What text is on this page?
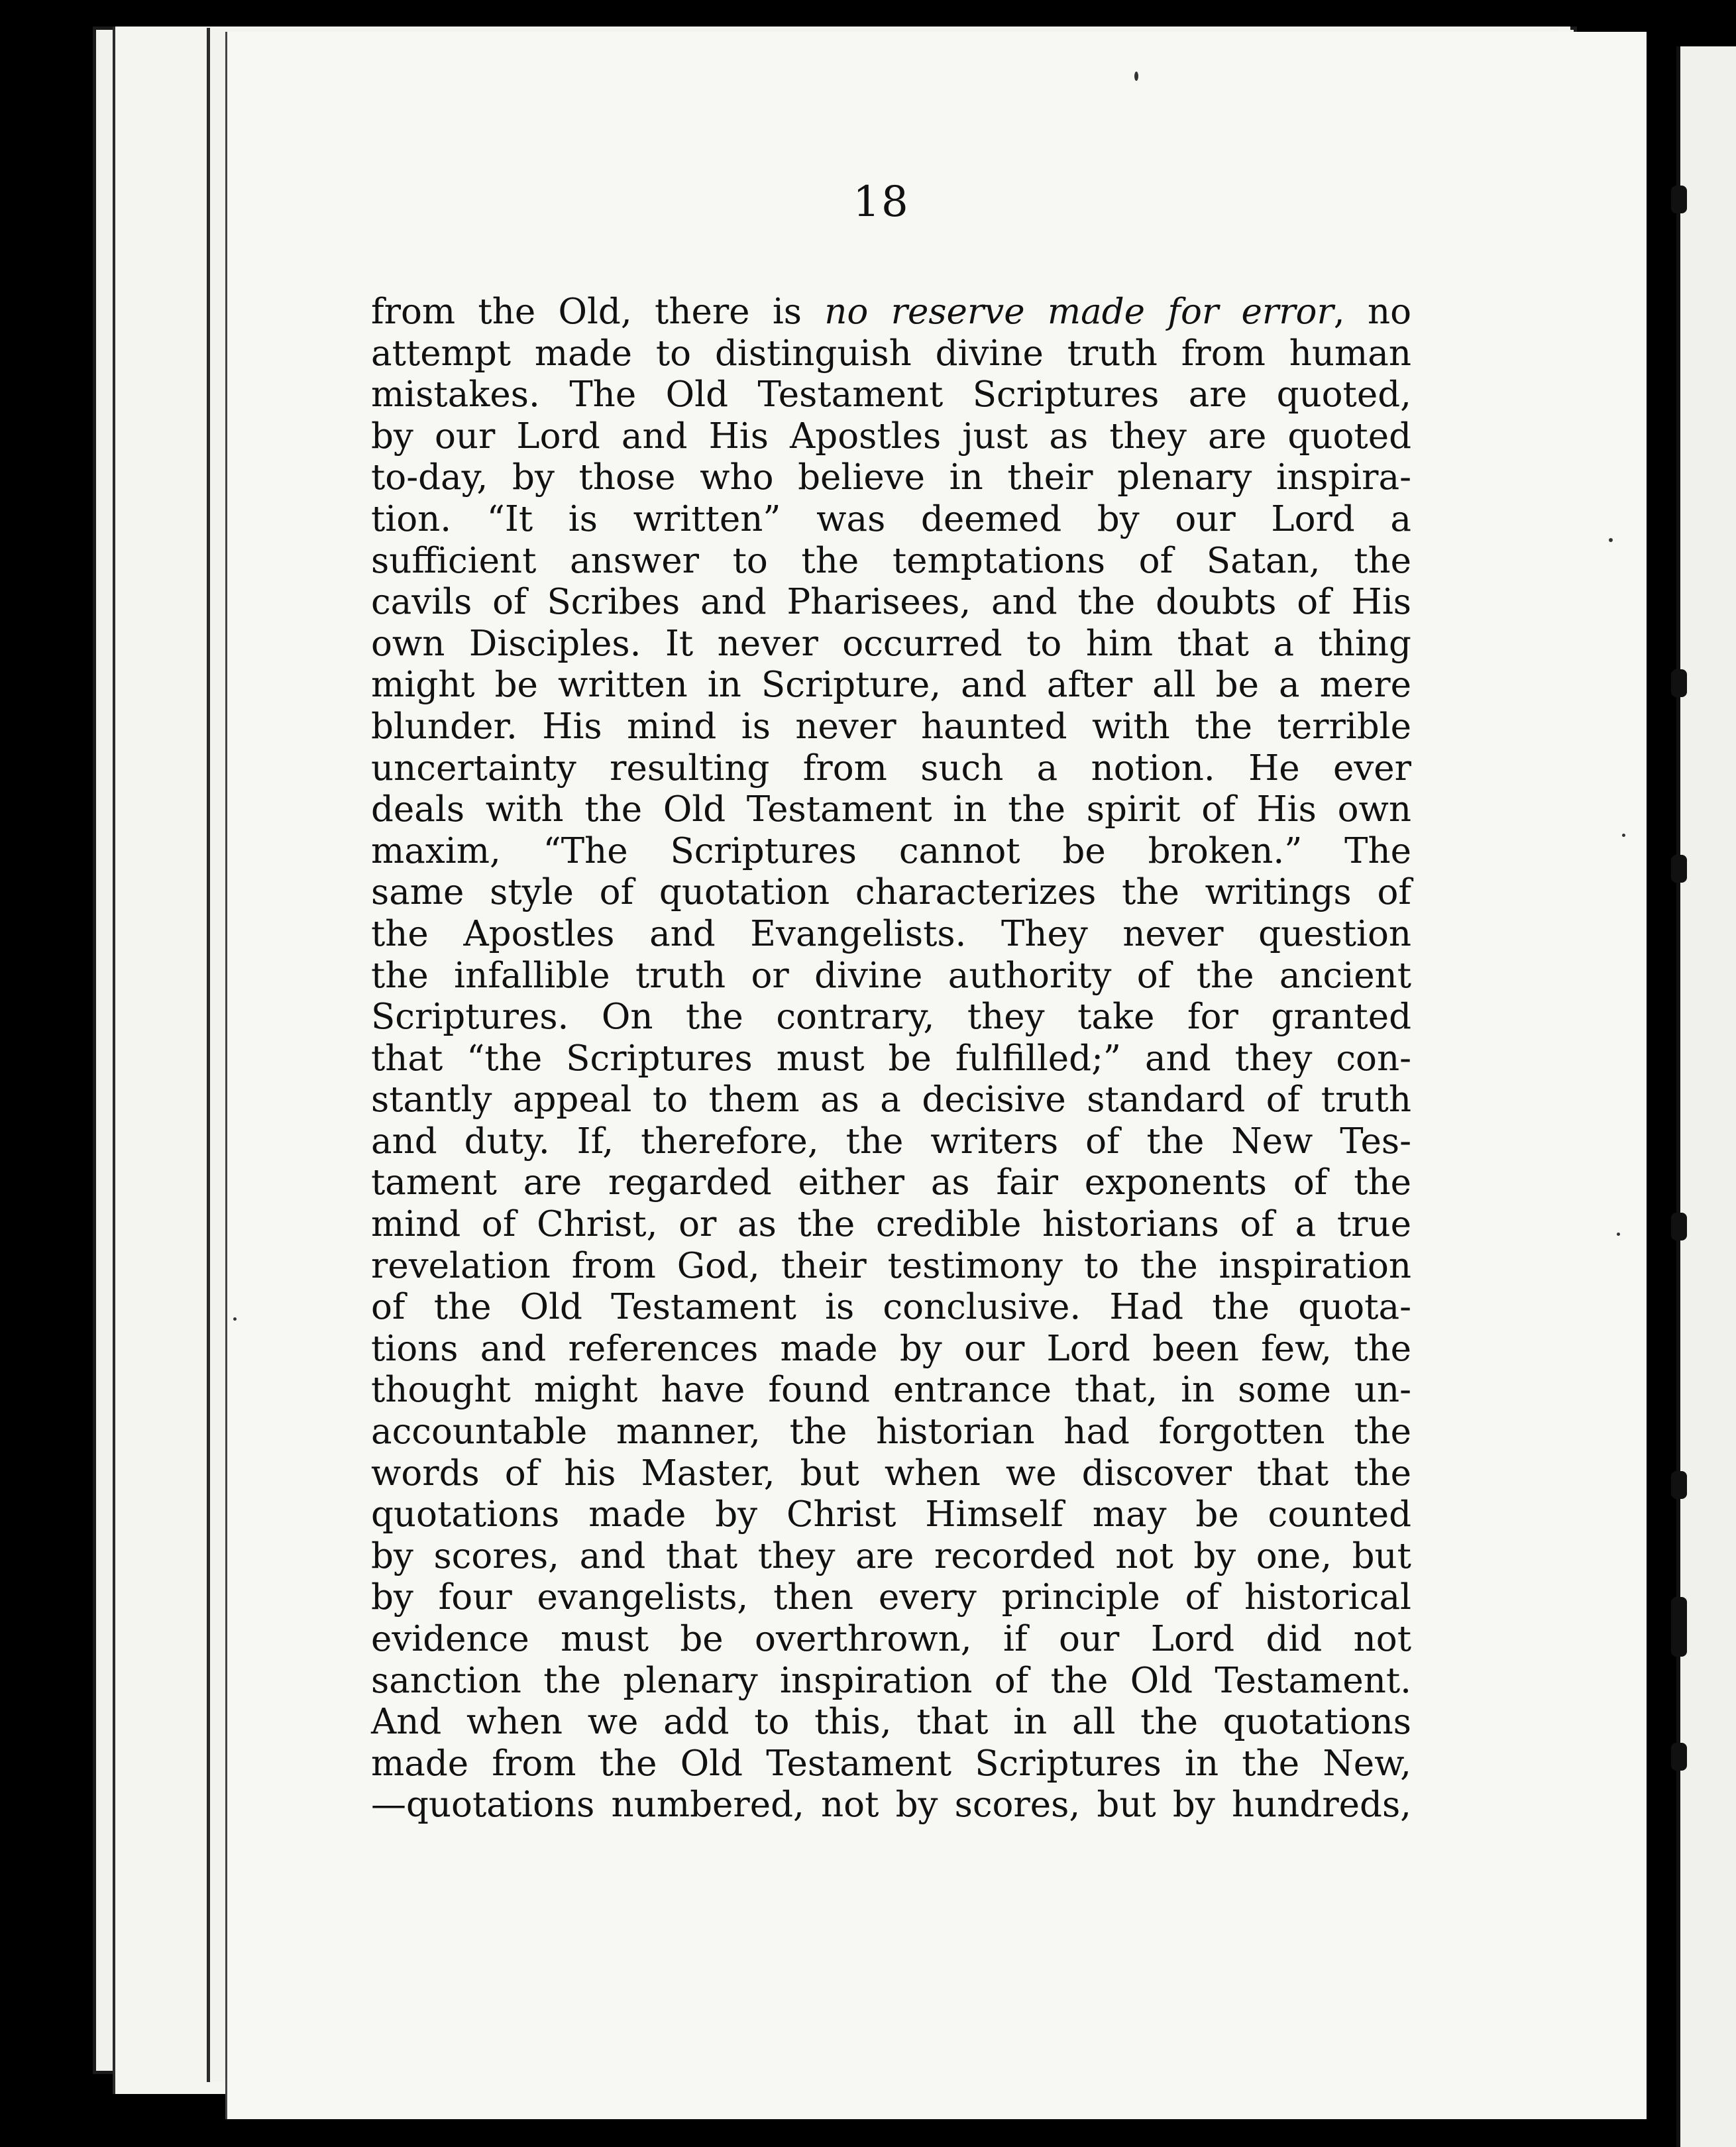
18
from the Old, there is no reserve made for error, no
attempt made to distinguish divine truth from human
mistakes. The Old Testament Scriptures are quoted,
by our Lord and His Apostles just as they are quoted
to-day, by those who believe in their plenary inspira-
tion. “It is written” was deemed by our Lord a
sufficient answer to the temptations of Satan, the
cavils of Scribes and Pharisees, and the doubts of His
own Disciples. It never occurred to him that a thing
might be written in Scripture, and after all be a mere
blunder. His mind is never haunted with the terrible
uncertainty resulting from such a notion. He ever
deals with the Old Testament in the spirit of His own
maxim, “The Scriptures cannot be broken.” The
same style of quotation characterizes the writings of
the Apostles and Evangelists. They never question
the infallible truth or divine authority of the ancient
Scriptures. On the contrary, they take for granted
that “the Scriptures must be fulfilled;” and they con-
stantly appeal to them as a decisive standard of truth
and duty. If, therefore, the writers of the New Tes-
tament are regarded either as fair exponents of the
mind of Christ, or as the credible historians of a true
revelation from God, their testimony to the inspiration
of the Old Testament is conclusive. Had the quota-
tions and references made by our Lord been few, the
thought might have found entrance that, in some un-
accountable manner, the historian had forgotten the
words of his Master, but when we discover that the
quotations made by Christ Himself may be counted
by scores, and that they are recorded not by one, but
by four evangelists, then every principle of historical
evidence must be overthrown, if our Lord did not
sanction the plenary inspiration of the Old Testament.
And when we add to this, that in all the quotations
made from the Old Testament Scriptures in the New,
—quotations numbered, not by scores, but by hundreds,
